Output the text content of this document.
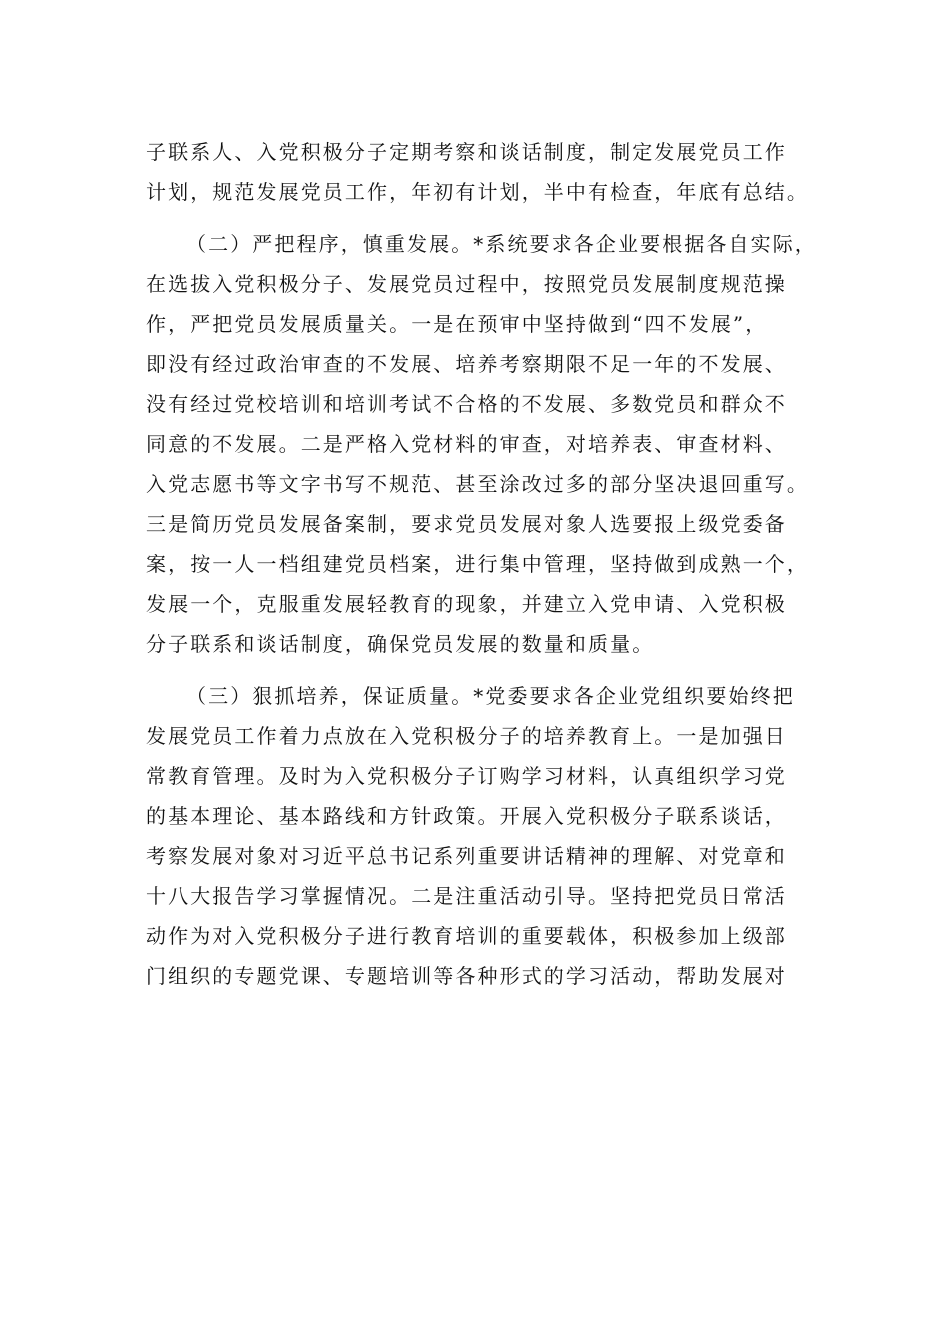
子联系人、入党积极分子定期考察和谈话制度，制定发展党员工作
计划，规范发展党员工作，年初有计划，半中有检查，年底有总结。
（二）严把程序，慎重发展。*系统要求各企业要根据各自实际，
在选拔入党积极分子、发展党员过程中，按照党员发展制度规范操
作，严把党员发展质量关。一是在预审中坚持做到“四不发展”，
即没有经过政治审查的不发展、培养考察期限不足一年的不发展、
没有经过党校培训和培训考试不合格的不发展、多数党员和群众不
同意的不发展。二是严格入党材料的审查，对培养表、审查材料、
入党志愿书等文字书写不规范、甚至涂改过多的部分坚决退回重写。
三是简历党员发展备案制，要求党员发展对象人选要报上级党委备
案，按一人一档组建党员档案，进行集中管理，坚持做到成熟一个，
发展一个，克服重发展轻教育的现象，并建立入党申请、入党积极
分子联系和谈话制度，确保党员发展的数量和质量。
（三）狠抓培养，保证质量。*党委要求各企业党组织要始终把
发展党员工作着力点放在入党积极分子的培养教育上。一是加强日
常教育管理。及时为入党积极分子订购学习材料，认真组织学习党
的基本理论、基本路线和方针政策。开展入党积极分子联系谈话，
考察发展对象对习近平总书记系列重要讲话精神的理解、对党章和
十八大报告学习掌握情况。二是注重活动引导。坚持把党员日常活
动作为对入党积极分子进行教育培训的重要载体，积极参加上级部
门组织的专题党课、专题培训等各种形式的学习活动，帮助发展对
